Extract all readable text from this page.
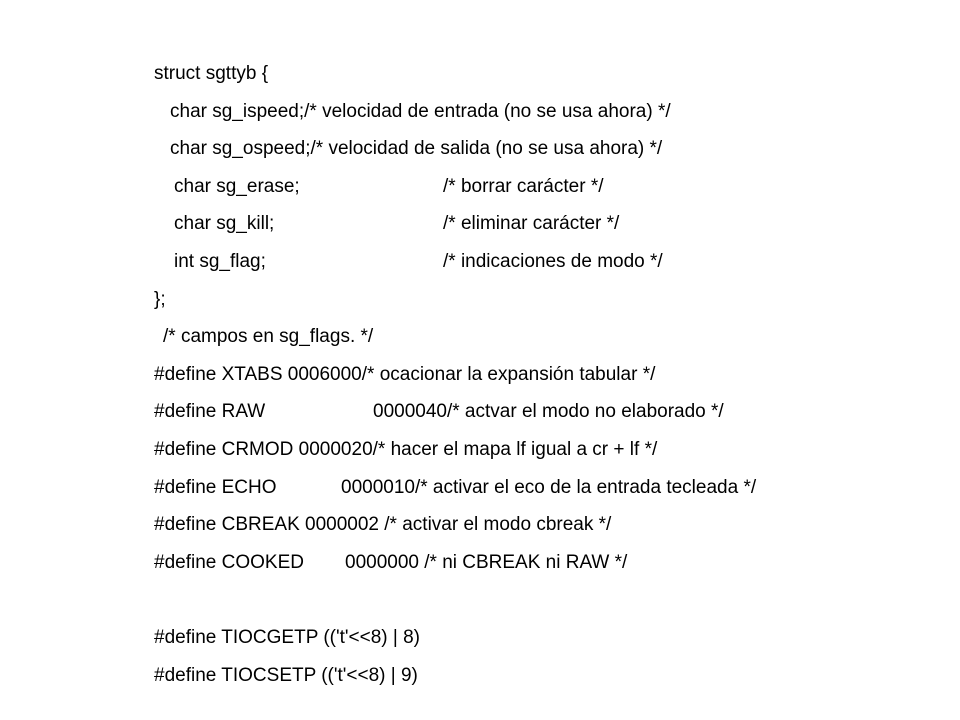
struct sgttyb {
char sg_ispeed;/* velocidad de entrada (no se usa ahora) */
char sg_ospeed;/* velocidad de salida (no se usa ahora) */

char sg_erase;

	/* borrar carácter */

char sg_kill;

	/* eliminar carácter */

int sg_flag;

	/* indicaciones de modo */

};
/* campos en sg_flags. */
#define XTABS 0006000/* ocacionar la expansión tabular */

#define RAW

	0000040/* actvar el modo no elaborado */

#define CRMOD 0000020/* hacer el mapa lf igual a cr + lf */

#define ECHO

	0000010/* activar el eco de la entrada tecleada */

#define CBREAK 0000002 /* activar el modo cbreak */

#define COOKED

0000000 /* ni CBREAK ni RAW */

#define TIOCGETP (('t'<<8) | 8)
#define TIOCSETP (('t'<<8) | 9)
